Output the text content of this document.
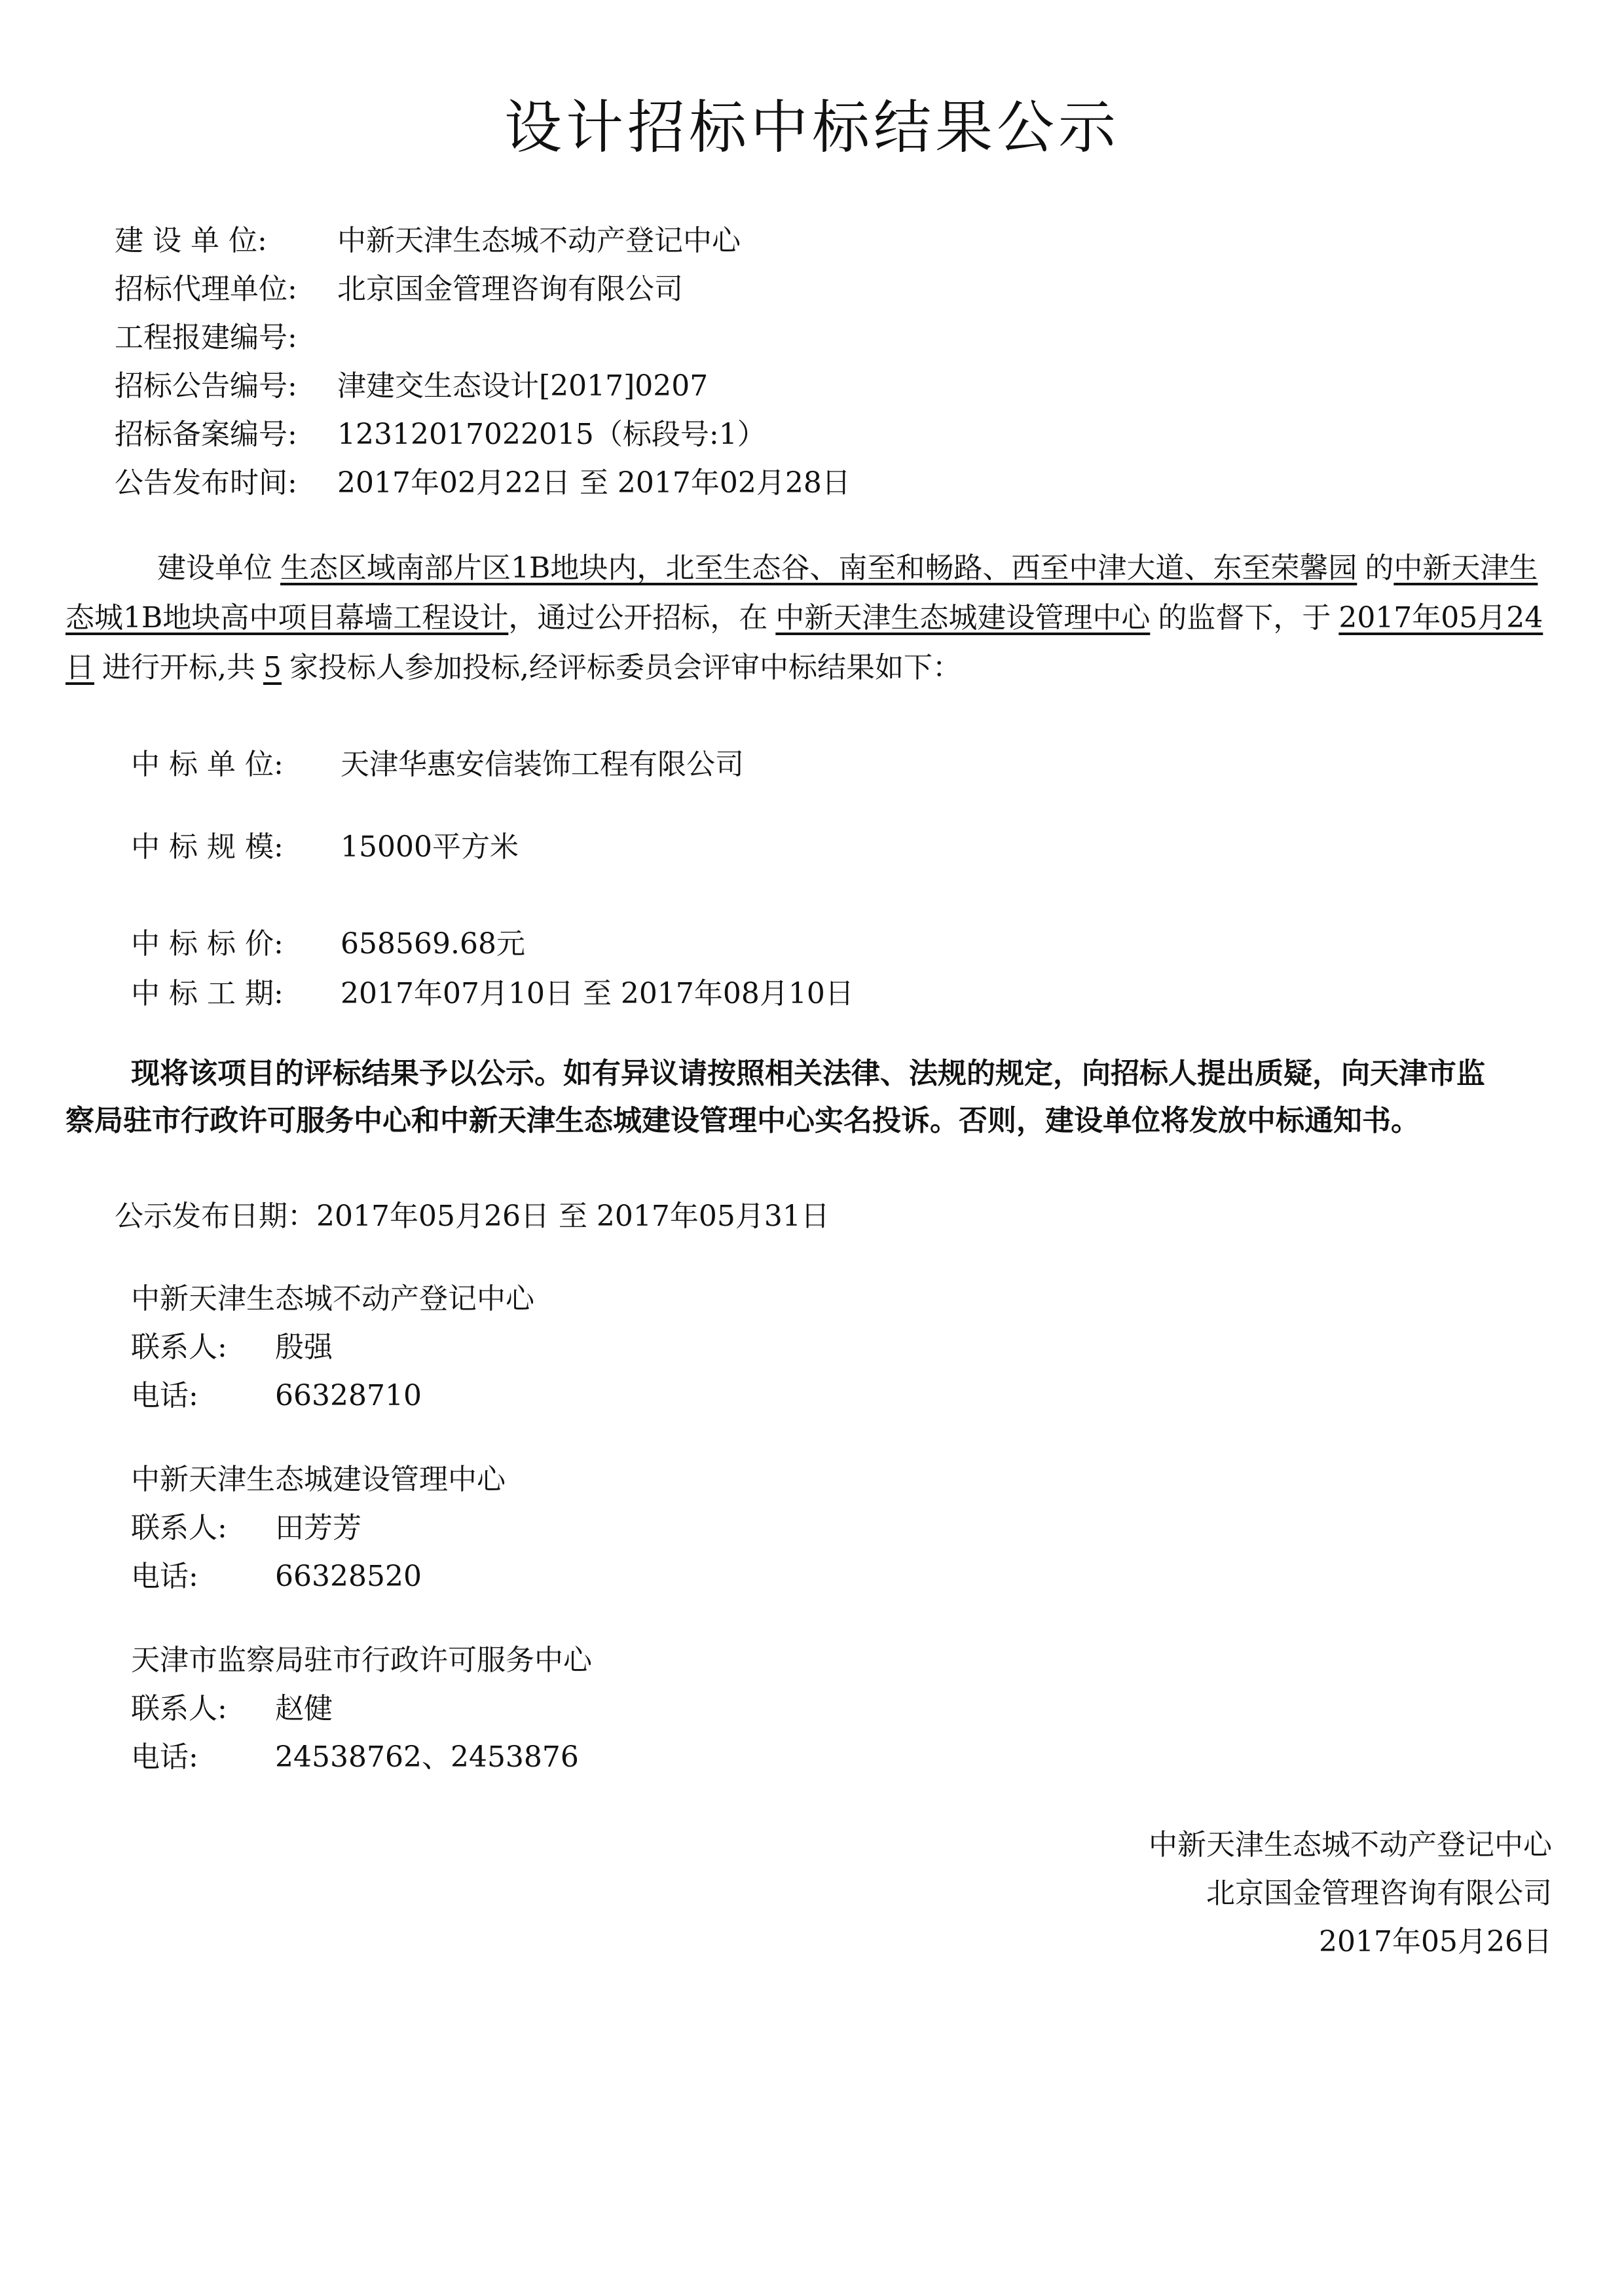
设计招标中标结果公示
建 设 单 位: 中新天津生态城不动产登记中心
招标代理单位: 北京国金管理咨询有限公司
工程报建编号:
招标公告编号: 津建交生态设计[2017]0207
招标备案编号: 12312017022015（标段号:1）
公告发布时间: 2017年02月22日 至 2017年02月28日
建设单位 生态区域南部片区1B地块内，北至生态谷、南至和畅路、西至中津大道、东至荣馨园 的中新天津生态城1B地块高中项目幕墙工程设计，通过公开招标，在 中新天津生态城建设管理中心 的监督下，于 2017年05月24日 进行开标,共 5 家投标人参加投标,经评标委员会评审中标结果如下：
中 标 单 位: 天津华惠安信装饰工程有限公司
中 标 规 模: 15000平方米
中 标 标 价: 658569.68元
中 标 工 期: 2017年07月10日 至 2017年08月10日
现将该项目的评标结果予以公示。如有异议请按照相关法律、法规的规定，向招标人提出质疑，向天津市监察局驻市行政许可服务中心和中新天津生态城建设管理中心实名投诉。否则，建设单位将发放中标通知书。
公示发布日期：2017年05月26日 至 2017年05月31日
中新天津生态城不动产登记中心
联系人: 殷强
电话:	66328710
中新天津生态城建设管理中心
联系人: 田芳芳
电话:	66328520
天津市监察局驻市行政许可服务中心
联系人: 赵健
电话:	24538762、2453876
中新天津生态城不动产登记中心
北京国金管理咨询有限公司
2017年05月26日
